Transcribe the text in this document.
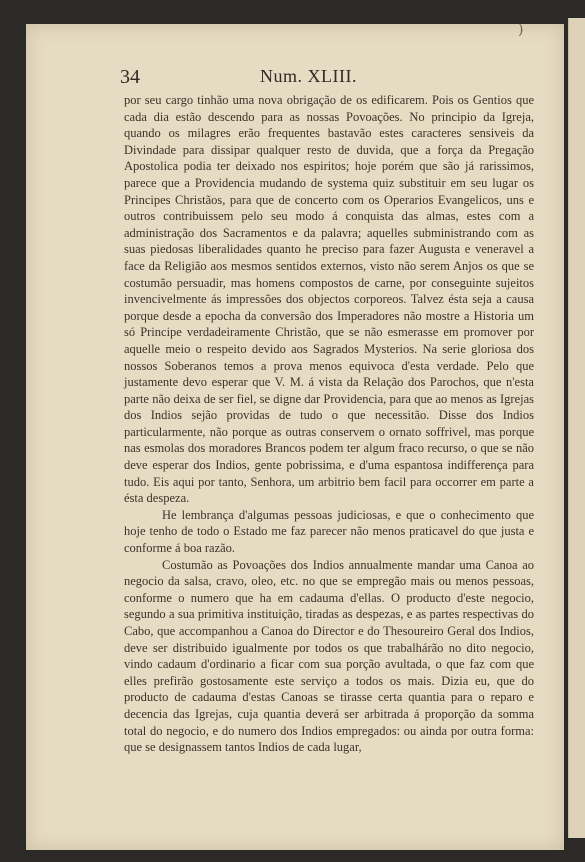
)
34	Num. XLIII.

por seu cargo tinhão uma nova obrigação de os edificarem. Pois os Gentios que cada dia estão descendo para as nossas Povoações. No principio da Igreja, quando os milagres erão frequentes bastavão estes caracteres sensiveis da Divindade para dissipar qualquer resto de duvida, que a força da Pregação Apostolica podia ter deixado nos espiritos; hoje porém que são já rarissimos, parece que a Providencia mudando de systema quiz substituir em seu lugar os Principes Christãos, para que de concerto com os Operarios Evangelicos, uns e outros contribuissem pelo seu modo á conquista das almas, estes com a administração dos Sacramentos e da palavra; aquelles subministrando com as suas piedosas liberalidades quanto he preciso para fazer Augusta e veneravel a face da Religião aos mesmos sentidos externos, visto não serem Anjos os que se costumão persuadir, mas homens compostos de carne, por conseguinte sujeitos invencivelmente ás impressões dos objectos corporeos. Talvez ésta seja a causa porque desde a epocha da conversão dos Imperadores não mostre a Historia um só Principe verdadeiramente Christão, que se não esmerasse em promover por aquelle meio o respeito devido aos Sagrados Mysterios. Na serie gloriosa dos nossos Soberanos temos a prova menos equivoca d'esta verdade. Pelo que justamente devo esperar que V. M. á vista da Relação dos Parochos, que n'esta parte não deixa de ser fiel, se digne dar Providencia, para que ao menos as Igrejas dos Indios sejão providas de tudo o que necessitão. Disse dos Indios particularmente, não porque as outras conservem o ornato soffrivel, mas porque nas esmolas dos moradores Brancos podem ter algum fraco recurso, o que se não deve esperar dos Indios, gente pobrissima, e d'uma espantosa indifferença para tudo. Eis aqui por tanto, Senhora, um arbitrio bem facil para occorrer em parte a ésta despeza.

He lembrança d'algumas pessoas judiciosas, e que o conhecimento que hoje tenho de todo o Estado me faz parecer não menos praticavel do que justa e conforme á boa razão.

Costumão as Povoações dos Indios annualmente mandar uma Canoa ao negocio da salsa, cravo, oleo, etc. no que se empregão mais ou menos pessoas, conforme o numero que ha em cadauma d'ellas. O producto d'este negocio, segundo a sua primitiva instituição, tiradas as despezas, e as partes respectivas do Cabo, que accompanhou a Canoa do Director e do Thesoureiro Geral dos Indios, deve ser distribuido igualmente por todos os que trabalhárão no dito negocio, vindo cadaum d'ordinario a ficar com sua porção avultada, o que faz com que elles prefirão gostosamente este serviço a todos os mais. Dizia eu, que do producto de cadauma d'estas Canoas se tirasse certa quantia para o reparo e decencia das Igrejas, cuja quantia deverá ser arbitrada á proporção da somma total do negocio, e do numero dos Indios empregados: ou ainda por outra forma: que se designassem tantos Indios de cada lugar,
